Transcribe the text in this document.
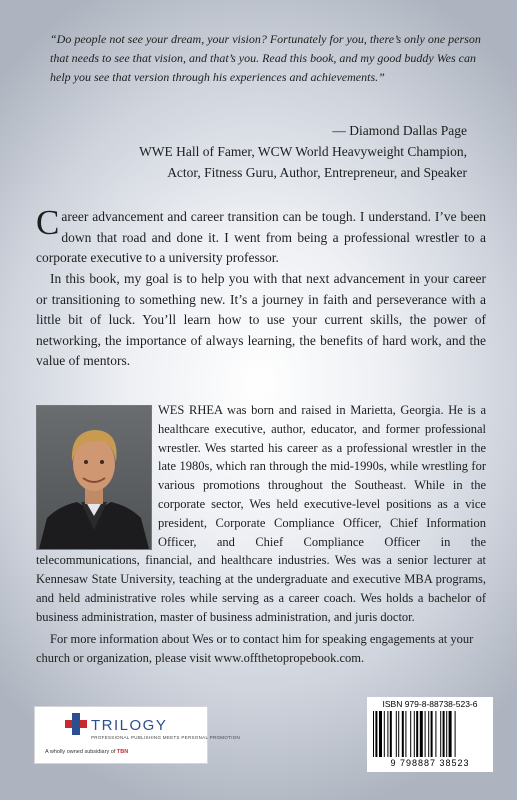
“Do people not see your dream, your vision? Fortunately for you, there’s only one person that needs to see that vision, and that’s you. Read this book, and my good buddy Wes can help you see that version through his experiences and achievements.”

— Diamond Dallas Page
WWE Hall of Famer, WCW World Heavyweight Champion,
Actor, Fitness Guru, Author, Entrepreneur, and Speaker

Career advancement and career transition can be tough. I understand. I’ve been down that road and done it. I went from being a professional wrestler to a corporate executive to a university professor.

In this book, my goal is to help you with that next advancement in your career or transitioning to something new. It’s a journey in faith and perseverance with a little bit of luck. You’ll learn how to use your current skills, the power of networking, the importance of always learning, the benefits of hard work, and the value of mentors.

WES RHEA was born and raised in Marietta, Georgia. He is a healthcare executive, author, educator, and former professional wrestler. Wes started his career as a professional wrestler in the late 1980s, which ran through the mid-1990s, while wrestling for various promotions throughout the Southeast. While in the corporate sector, Wes held executive-level positions as a vice president, Corporate Compliance Officer, Chief Information Officer, and Chief Compliance Officer in the telecommunications, financial, and healthcare industries. Wes was a senior lecturer at Kennesaw State University, teaching at the undergraduate and executive MBA programs, and held administrative roles while serving as a career coach. Wes holds a bachelor of business administration, master of business administration, and juris doctor.

For more information about Wes or to contact him for speaking engagements at your church or organization, please visit www.offthetopropebook.com.

TRILOGY
PROFESSIONAL PUBLISHING MEETS PERSONAL PROMOTION
A wholly owned subsidiary of TBN
ISBN 979-8-88738-523-6
9 798887 38523
